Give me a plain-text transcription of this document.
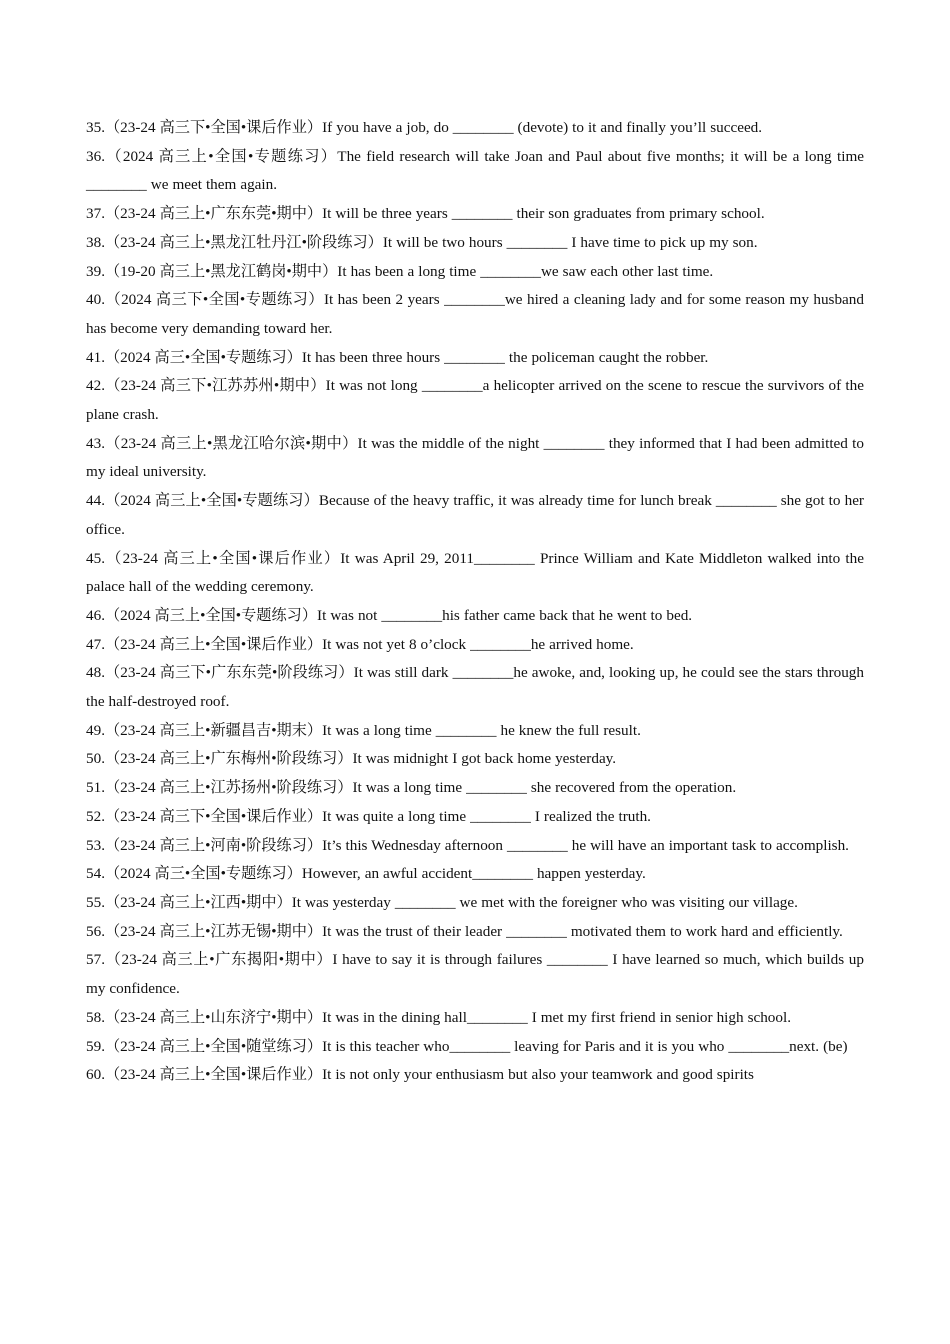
35.（23-24 高三下•全国•课后作业）If you have a job, do ________ (devote) to it and finally you’ll succeed.

36.（2024 高三上•全国•专题练习）The field research will take Joan and Paul about five months; it will be a long time ________ we meet them again.

37.（23-24 高三上•广东东莞•期中）It will be three years ________ their son graduates from primary school.

38.（23-24 高三上•黑龙江牡丹江•阶段练习）It will be two hours ________ I have time to pick up my son.

39.（19-20 高三上•黑龙江鹤岗•期中）It has been a long time ________we saw each other last time.

40.（2024 高三下•全国•专题练习）It has been 2 years ________we hired a cleaning lady and for some reason my husband has become very demanding toward her.

41.（2024 高三•全国•专题练习）It has been three hours ________ the policeman caught the robber.

42.（23-24 高三下•江苏苏州•期中）It was not long ________a helicopter arrived on the scene to rescue the survivors of the plane crash.

43.（23-24 高三上•黑龙江哈尔滨•期中）It was the middle of the night ________ they informed that I had been admitted to my ideal university.

44.（2024 高三上•全国•专题练习）Because of the heavy traffic, it was already time for lunch break ________ she got to her office.

45.（23-24 高三上•全国•课后作业）It was April 29, 2011________ Prince William and Kate Middleton walked into the palace hall of the wedding ceremony.

46.（2024 高三上•全国•专题练习）It was not ________his father came back that he went to bed.

47.（23-24 高三上•全国•课后作业）It was not yet 8 o’clock ________he arrived home.

48.（23-24 高三下•广东东莞•阶段练习）It was still dark ________he awoke, and, looking up, he could see the stars through the half-destroyed roof.

49.（23-24 高三上•新疆昌吉•期末）It was a long time ________ he knew the full result.

50.（23-24 高三上•广东梅州•阶段练习）It was midnight I got back home yesterday.

51.（23-24 高三上•江苏扬州•阶段练习）It was a long time ________ she recovered from the operation.

52.（23-24 高三下•全国•课后作业）It was quite a long time ________ I realized the truth.

53.（23-24 高三上•河南•阶段练习）It’s this Wednesday afternoon ________ he will have an important task to accomplish.

54.（2024 高三•全国•专题练习）However, an awful accident________ happen yesterday.

55.（23-24 高三上•江西•期中）It was yesterday ________ we met with the foreigner who was visiting our village.

56.（23-24 高三上•江苏无锡•期中）It was the trust of their leader ________ motivated them to work hard and efficiently.

57.（23-24 高三上•广东揭阳•期中）I have to say it is through failures ________ I have learned so much, which builds up my confidence.

58.（23-24 高三上•山东济宁•期中）It was in the dining hall________ I met my first friend in senior high school.

59.（23-24 高三上•全国•随堂练习）It is this teacher who________ leaving for Paris and it is you who ________next. (be)

60.（23-24 高三上•全国•课后作业）It is not only your enthusiasm but also your teamwork and good spirits
